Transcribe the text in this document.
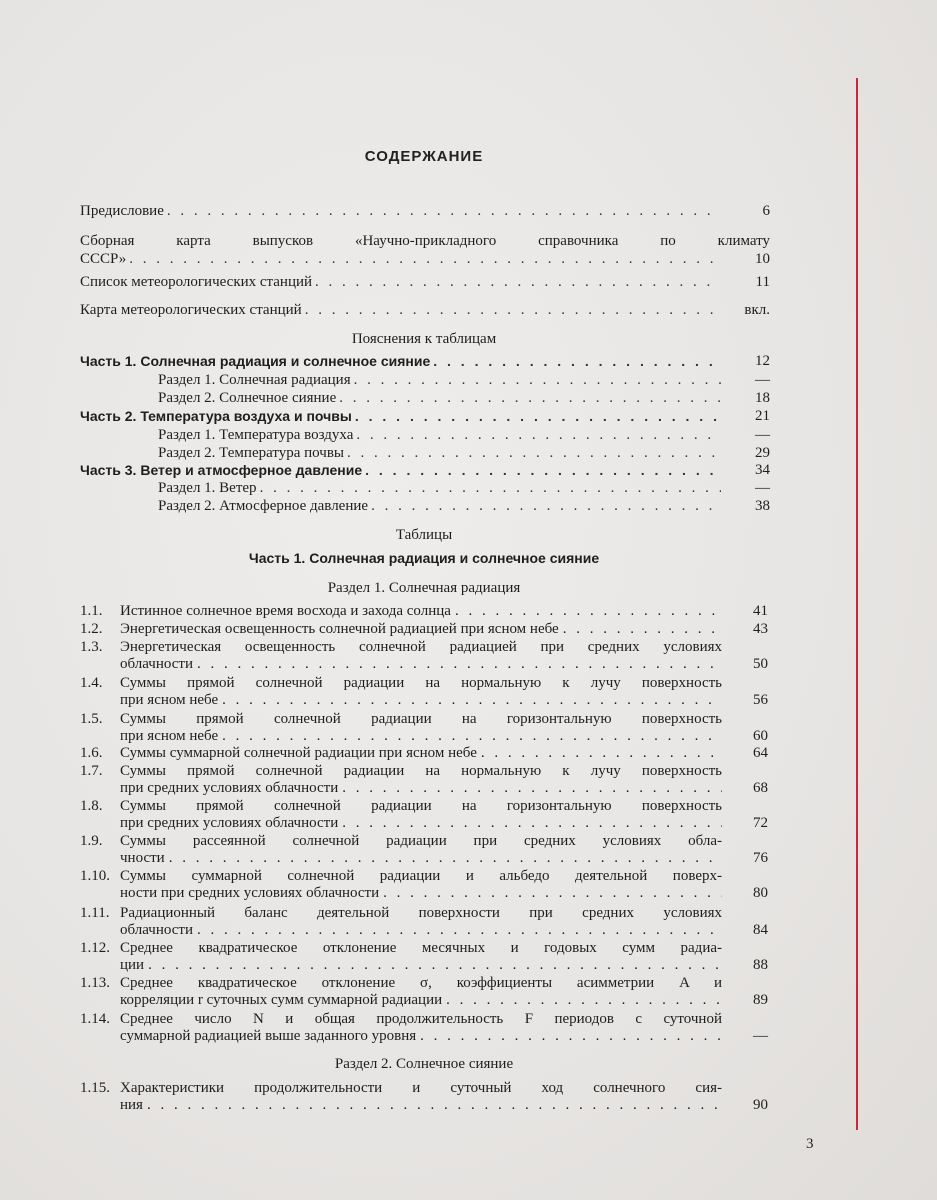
СОДЕРЖАНИЕ
Предисловие . . .	6
Сборная карта выпусков «Научно-прикладного справочника по климату
СССР» . . .	10
Список метеорологических станций . . .	11
Карта метеорологических станций . . .	вкл.
Пояснения к таблицам
Часть 1. Солнечная радиация и солнечное сияние . . .	12
Раздел 1. Солнечная радиация . . .	—
Раздел 2. Солнечное сияние . . .	18
Часть 2. Температура воздуха и почвы . . .	21
Раздел 1. Температура воздуха . . .	—
Раздел 2. Температура почвы . . .	29
Часть 3. Ветер и атмосферное давление . . .	34
Раздел 1. Ветер . . .	—
Раздел 2. Атмосферное давление . . .	38
Таблицы
Часть 1. Солнечная радиация и солнечное сияние
Раздел 1. Солнечная радиация
1.1.	Истинное солнечное время восхода и захода солнца . . .	41
1.2.	Энергетическая освещенность солнечной радиацией при ясном небе . . .	43
1.3.	Энергетическая освещенность солнечной радиацией при средних условиях
облачности . . .	50
1.4.	Суммы прямой солнечной радиации на нормальную к лучу поверхность
при ясном небе . . .	56
1.5.	Суммы прямой солнечной радиации на горизонтальную поверхность
при ясном небе . . .	60
1.6.	Суммы суммарной солнечной радиации при ясном небе . . .	64
1.7.	Суммы прямой солнечной радиации на нормальную к лучу поверхность
при средних условиях облачности . . .	68
1.8.	Суммы прямой солнечной радиации на горизонтальную поверхность
при средних условиях облачности . . .	72
1.9.	Суммы рассеянной солнечной радиации при средних условиях обла-
чности . . .	76
1.10. Суммы суммарной солнечной радиации и альбедо деятельной поверх-
ности при средних условиях облачности . . .	80
1.11. Радиационный баланс деятельной поверхности при средних условиях
облачности . . .	84
1.12. Среднее квадратическое отклонение месячных и годовых сумм радиа-
ции . . .	88
1.13. Среднее квадратическое отклонение σ, коэффициенты асимметрии A и
корреляции r суточных сумм суммарной радиации . . .	89
1.14. Среднее число N и общая продолжительность F периодов с суточной
суммарной радиацией выше заданного уровня . . .	—
1.15. Характеристики продолжительности и суточный ход солнечного сия-
ния . . .	90
Раздел 2. Солнечное сияние
3
